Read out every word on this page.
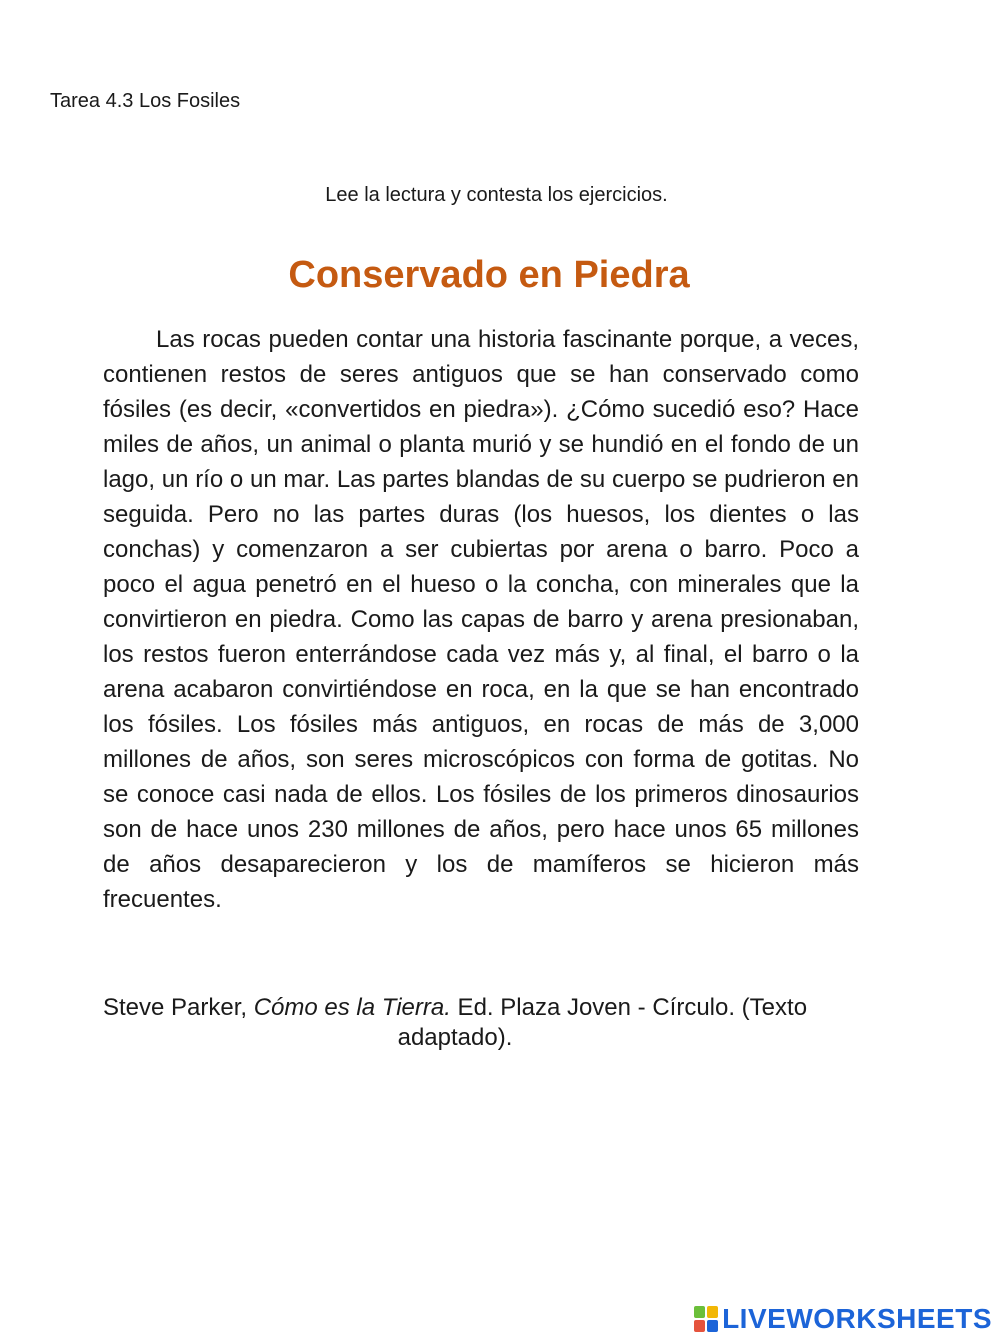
Tarea 4.3 Los Fosiles

Lee la lectura y contesta los ejercicios.

Conservado en Piedra

Las rocas pueden contar una historia fascinante porque, a veces, contienen restos de seres antiguos que se han conservado como fósiles (es decir, «convertidos en piedra»). ¿Cómo sucedió eso? Hace miles de años, un animal o planta murió y se hundió en el fondo de un lago, un río o un mar. Las partes blandas de su cuerpo se pudrieron en seguida. Pero no las partes duras (los huesos, los dientes o las conchas) y comenzaron a ser cubiertas por arena o barro. Poco a poco el agua penetró en el hueso o la concha, con minerales que la convirtieron en piedra. Como las capas de barro y arena presionaban, los restos fueron enterrándose cada vez más y, al final, el barro o la arena acabaron convirtiéndose en roca, en la que se han encontrado los fósiles. Los fósiles más antiguos, en rocas de más de 3,000 millones de años, son seres microscópicos con forma de gotitas. No se conoce casi nada de ellos. Los fósiles de los primeros dinosaurios son de hace unos 230 millones de años, pero hace unos 65 millones de años desaparecieron y los de mamíferos se hicieron más frecuentes.

Steve Parker, Cómo es la Tierra. Ed. Plaza Joven - Círculo. (Texto adaptado).

LIVEWORKSHEETS
